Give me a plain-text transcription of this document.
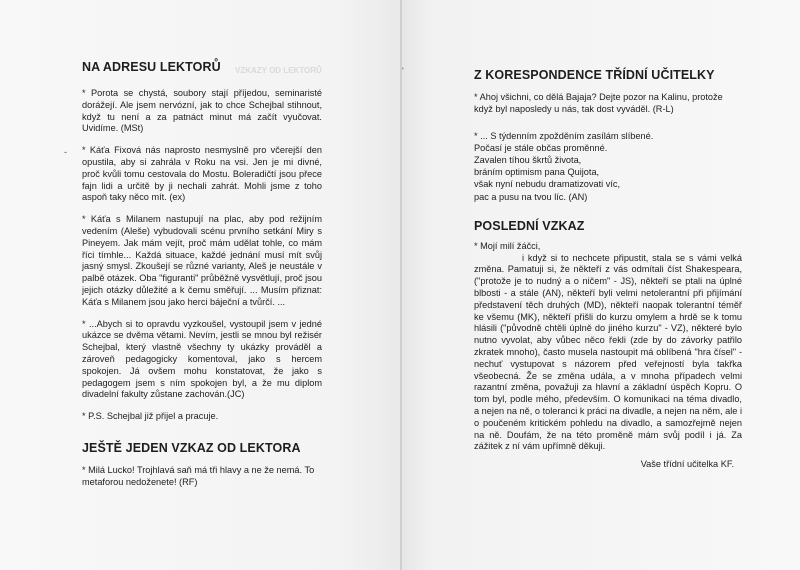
VZKAZY OD LEKTORŮ
-
NA ADRESU LEKTORŮ

* Porota se chystá, soubory stají příjedou, seminaristé dorážejí. Ale jsem nervózní, jak to chce Schejbal stihnout, když tu není a za patnáct minut má začít vyučovat. Uvidíme. (MSt)

* Káťa Fixová nás naprosto nesmyslně pro včerejší den opustila, aby si zahrála v Roku na vsi. Jen je mi divné, proč kvůli tomu cestovala do Mostu. Boleradičtí jsou přece fajn lidi a určitě by ji nechali zahrát. Mohli jsme z toho aspoň taky něco mít. (ex)

* Káťa s Milanem nastupují na plac, aby pod režijním vedením (Aleše) vybudovali scénu prvního setkání Miry s Pineyem. Jak mám vejít, proč mám udělat tohle, co mám říci tímhle... Každá situace, každé jednání musí mít svůj jasný smysl. Zkoušejí se různé varianty, Aleš je neustále v palbě otázek. Oba "figuranti" průběžně vysvětlují, proč jsou jejich otázky důležité a k čemu směřují. ... Musím přiznat: Káťa s Milanem jsou jako herci báječní a tvůrčí. ...

* ...Abych si to opravdu vyzkoušel, vystoupil jsem v jedné ukázce se dvěma větami. Nevím, jestli se mnou byl režisér Schejbal, který vlastně všechny ty ukázky prováděl a zároveň pedagogicky komentoval, jako s hercem spokojen. Já ovšem mohu konstatovat, že jako s pedagogem jsem s ním spokojen byl, a že mu diplom divadelní fakulty zůstane zachován.(JC)

* P.S. Schejbal již přijel a pracuje.

JEŠTĚ JEDEN VZKAZ OD LEKTORA

* Milá Lucko! Trojhlavá saň má tři hlavy a ne že nemá. To metaforou nedoženete! (RF)

'	Z KORESPONDENCE TŘÍDNÍ UČITELKY

* Ahoj všichni, co dělá Bajaja? Dejte pozor na Kalinu, protože když byl naposledy u nás, tak dost vyváděl. (R-L)

* ... S týdenním zpožděním zasílám slíbené.
Počasí je stále občas proměnné.
Zavalen tíhou škrtů života,
bráním optimism pana Quijota,
však nyní nebudu dramatizovati víc,
pac a pusu na tvou líc. (AN)
POSLEDNÍ VZKAZ

* Mojí milí žáčci,

i když si to nechcete připustit, stala se s vámi velká změna. Pamatuji si, že někteří z vás odmítali číst Shakespeara, ("protože je to nudný a o ničem" - JS), někteří se ptali na úplné blbosti - a stále (AN), někteří byli velmi netolerantní při přijímání představení těch druhých (MD), někteří naopak tolerantní téměř ke všemu (MK), někteří přišli do kurzu omylem a hrdě se k tomu hlásili ("původně chtěli úplně do jiného kurzu" - VZ), některé bylo nutno vyvolat, aby vůbec něco řekli (zde by do závorky patřilo zkratek mnoho), často musela nastoupit má oblíbená "hra čísel" - nechuť vystupovat s názorem před veřejností byla takřka všeobecná. Že se změna udála, a v mnoha případech velmi razantní změna, považuji za hlavní a základní úspěch Kopru. O tom byl, podle mého, především. O komunikaci na téma divadlo, a nejen na ně, o toleranci k práci na divadle, a nejen na něm, ale i o poučeném kritickém pohledu na divadlo, a samozřejmě nejen na ně. Doufám, že na této proměně mám svůj podíl i já. Za zážitek z ní vám upřímně děkuji.

Vaše třídní učitelka KF.
